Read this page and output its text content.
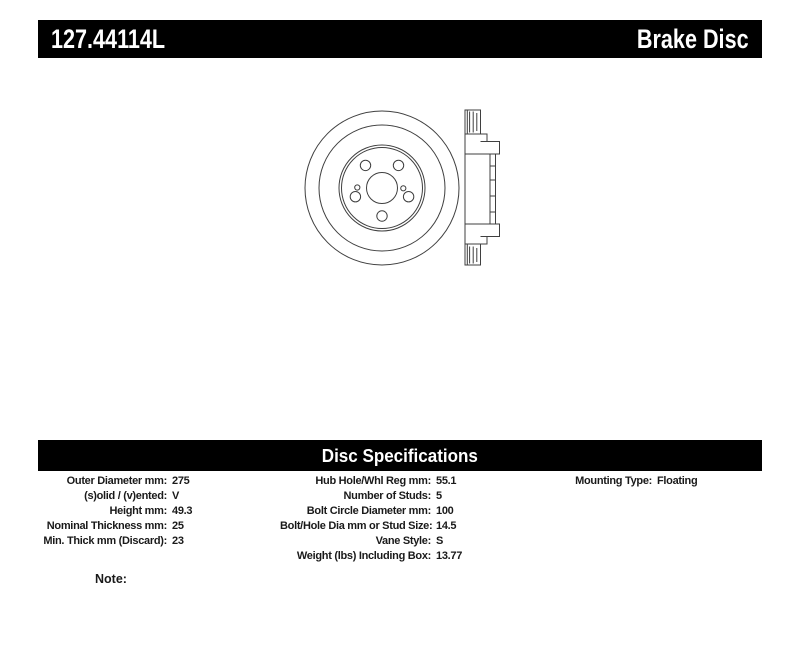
127.44114L	Brake Disc
Disc Specifications
Outer Diameter mm: 275
(s)olid / (v)ented: V
Height mm: 49.3
Nominal Thickness mm: 25
Min. Thick mm (Discard): 23
Hub Hole/Whl Reg mm: 55.1
Number of Studs: 5
Bolt Circle Diameter mm: 100
Bolt/Hole Dia mm or Stud Size: 14.5
Vane Style: S
Weight (lbs) Including Box: 13.77
Mounting Type: Floating
Note:
